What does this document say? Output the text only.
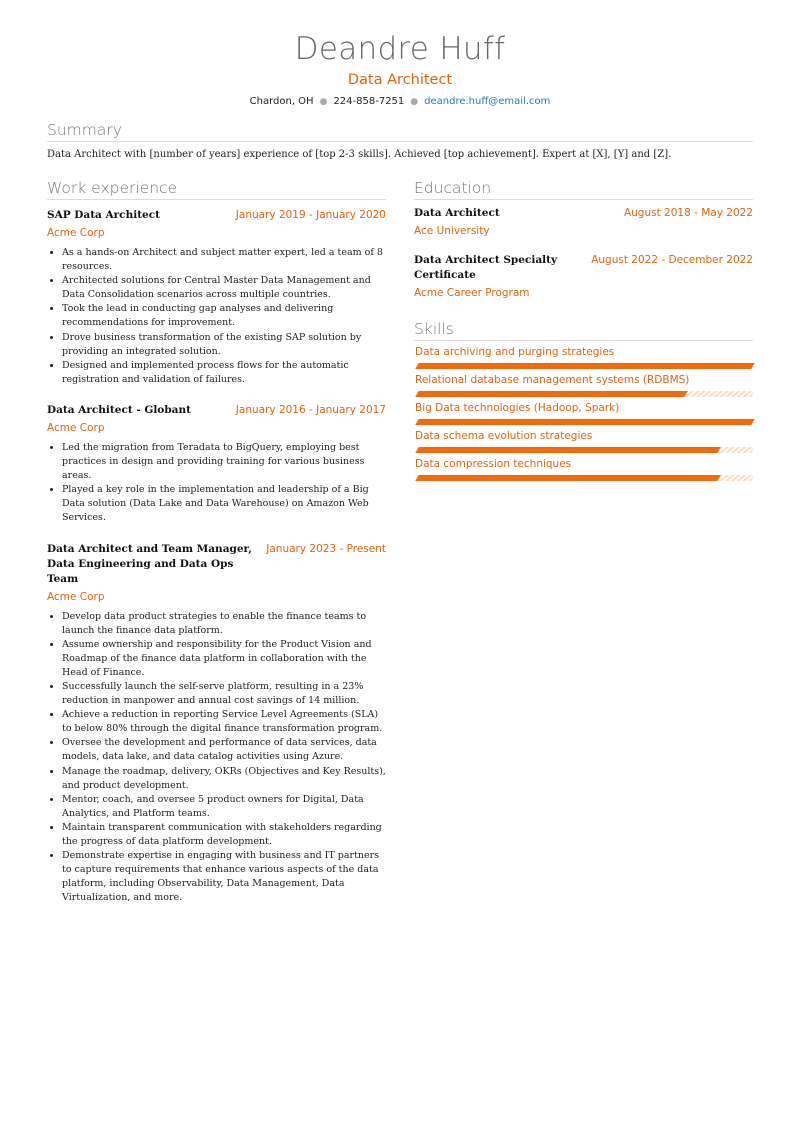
Deandre Huff
Data Architect
Chardon, OH ● 224-858-7251 ● deandre.huff@email.com
Summary
Data Architect with [number of years] experience of [top 2-3 skills]. Achieved [top achievement]. Expert at [X], [Y] and [Z].
Work experience
SAP Data Architect	January 2019 - January 2020
Acme Corp
• As a hands-on Architect and subject matter expert, led a team of 8 resources.
• Architected solutions for Central Master Data Management and Data Consolidation scenarios across multiple countries.
• Took the lead in conducting gap analyses and delivering recommendations for improvement.
• Drove business transformation of the existing SAP solution by providing an integrated solution.
• Designed and implemented process flows for the automatic registration and validation of failures.
Data Architect - Globant	January 2016 - January 2017
Acme Corp
• Led the migration from Teradata to BigQuery, employing best practices in design and providing training for various business areas.
• Played a key role in the implementation and leadership of a Big Data solution (Data Lake and Data Warehouse) on Amazon Web Services.
Data Architect and Team Manager, Data Engineering and Data Ops Team
January 2023 - Present
Acme Corp
• Develop data product strategies to enable the finance teams to launch the finance data platform.
• Assume ownership and responsibility for the Product Vision and Roadmap of the finance data platform in collaboration with the Head of Finance.
• Successfully launch the self-serve platform, resulting in a 23% reduction in manpower and annual cost savings of 14 million.
• Achieve a reduction in reporting Service Level Agreements (SLA) to below 80% through the digital finance transformation program.
• Oversee the development and performance of data services, data models, data lake, and data catalog activities using Azure.
• Manage the roadmap, delivery, OKRs (Objectives and Key Results), and product development.
• Mentor, coach, and oversee 5 product owners for Digital, Data Analytics, and Platform teams.
• Maintain transparent communication with stakeholders regarding the progress of data platform development.
• Demonstrate expertise in engaging with business and IT partners to capture requirements that enhance various aspects of the data platform, including Observability, Data Management, Data Virtualization, and more.
Education
Data Architect	August 2018 - May 2022
Ace University
Data Architect Specialty Certificate
August 2022 - December 2022
Acme Career Program
Skills
Data archiving and purging strategies
Relational database management systems (RDBMS)
Big Data technologies (Hadoop, Spark)
Data schema evolution strategies
Data compression techniques
